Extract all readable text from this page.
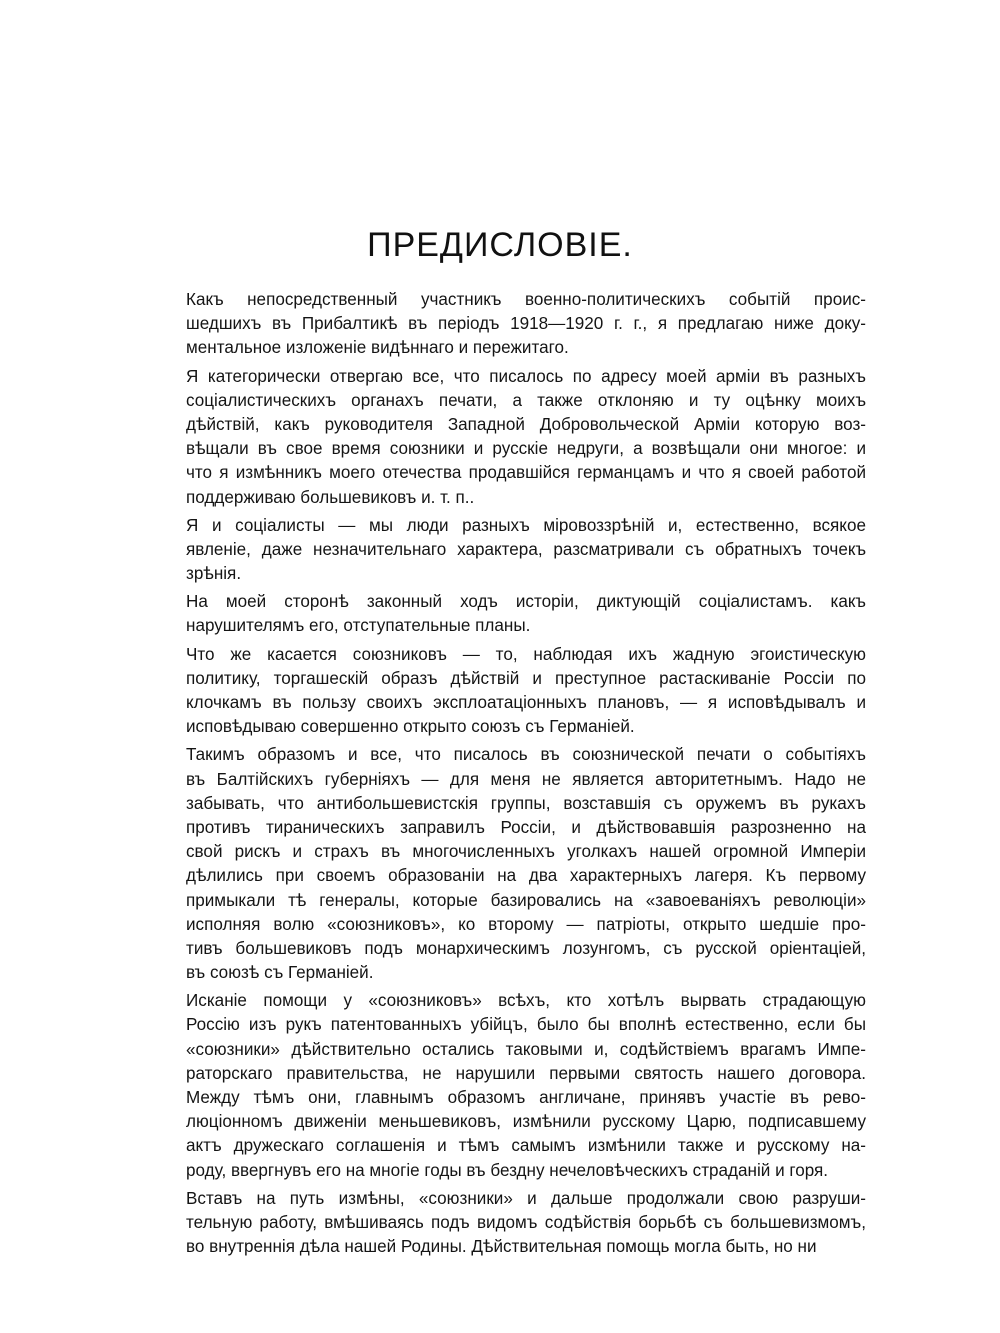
ПРЕДИСЛОВІЕ.
Какъ непосредственный участникъ военно-политическихъ событій проис-
шедшихъ въ Прибалтикѣ въ періодъ 1918—1920 г. г., я предлагаю ниже доку-
ментальное изложеніе видѣннаго и пережитаго.
Я категорически отвергаю все, что писалось по адресу моей арміи въ разныхъ
соціалистическихъ органахъ печати, а также отклоняю и ту оцѣнку моихъ
дѣйствій, какъ руководителя Западной Добровольческой Арміи которую воз-
вѣщали въ свое время союзники и русскіе недруги, а возвѣщали они многое: и
что я измѣнникъ моего отечества продавшійся германцамъ и что я своей работой
поддерживаю большевиковъ и. т. п..
Я и соціалисты — мы люди разныхъ міровоззрѣній и, естественно, всякое
явленіе, даже незначительнаго характера, разсматривали съ обратныхъ точекъ
зрѣнія.
На моей сторонѣ законный ходъ исторіи, диктующій соціалистамъ. какъ
нарушителямъ его, отступательные планы.
Что же касается союзниковъ — то, наблюдая ихъ жадную эгоистическую
политику, торгашескій образъ дѣйствій и преступное растаскиваніе Россіи по
клочкамъ въ пользу своихъ эксплоатаціонныхъ плановъ, — я исповѣдывалъ и
исповѣдываю совершенно открыто союзъ съ Германіей.
Такимъ образомъ и все, что писалось въ союзнической печати о событіяхъ
въ Балтійскихъ губерніяхъ — для меня не является авторитетнымъ. Надо не
забывать, что антибольшевистскія группы, возставшія съ оружемъ въ рукахъ
противъ тираническихъ заправилъ Россіи, и дѣйствовавшія разрозненно на
свой рискъ и страхъ въ многочисленныхъ уголкахъ нашей огромной Имперіи
дѣлились при своемъ образованіи на два характерныхъ лагеря. Къ первому
примыкали тѣ генералы, которые базировались на «завоеваніяхъ революціи»
исполняя волю «союзниковъ», ко второму — патріоты, открыто шедшіе про-
тивъ большевиковъ подъ монархическимъ лозунгомъ, съ русской оріентаціей,
въ союзѣ съ Германіей.
Исканіе помощи у «союзниковъ» всѣхъ, кто хотѣлъ вырвать страдающую
Россію изъ рукъ патентованныхъ убійцъ, было бы вполнѣ естественно, если бы
«союзники» дѣйствительно остались таковыми и, содѣйствіемъ врагамъ Импе-
раторскаго правительства, не нарушили первыми святость нашего договора.
Между тѣмъ они, главнымъ образомъ англичане, принявъ участіе въ рево-
люціонномъ движеніи меньшевиковъ, измѣнили русскому Царю, подписавшему
актъ дружескаго соглашенія и тѣмъ самымъ измѣнили также и русскому на-
роду, ввергнувъ его на многіе годы въ бездну нечеловѣческихъ страданій и горя.
Вставъ на путь измѣны, «союзники» и дальше продолжали свою разруши-
тельную работу, вмѣшиваясь подъ видомъ содѣйствія борьбѣ съ большевизмомъ,
во внутреннія дѣла нашей Родины. Дѣйствительная помощь могла быть, но ни
